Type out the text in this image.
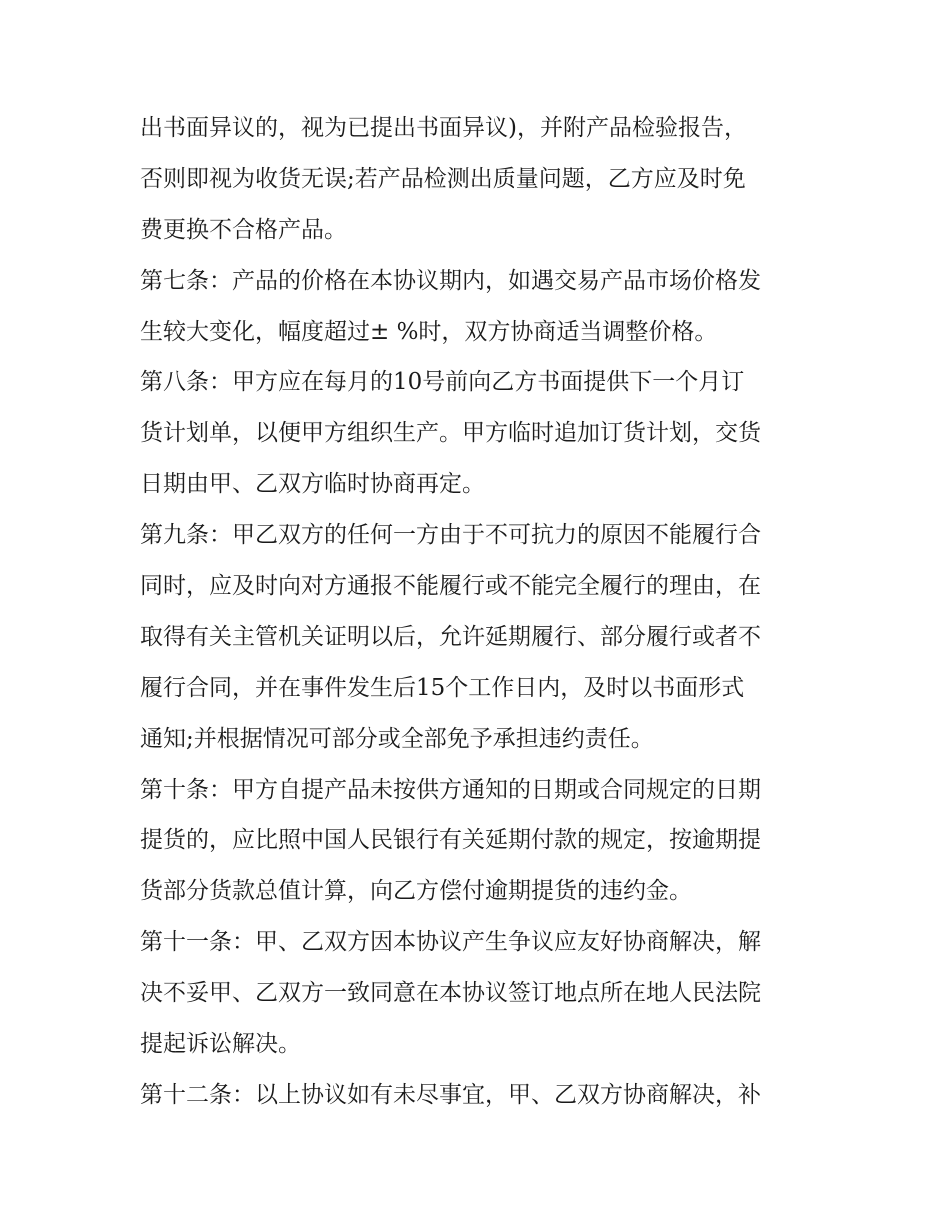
出书面异议的，视为已提出书面异议)，并附产品检验报告，
否则即视为收货无误;若产品检测出质量问题，乙方应及时免
费更换不合格产品。
第七条：产品的价格在本协议期内，如遇交易产品市场价格发
生较大变化，幅度超过± %时，双方协商适当调整价格。
第八条：甲方应在每月的10号前向乙方书面提供下一个月订
货计划单，以便甲方组织生产。甲方临时追加订货计划，交货
日期由甲、乙双方临时协商再定。
第九条：甲乙双方的任何一方由于不可抗力的原因不能履行合
同时，应及时向对方通报不能履行或不能完全履行的理由，在
取得有关主管机关证明以后，允许延期履行、部分履行或者不
履行合同，并在事件发生后15个工作日内，及时以书面形式
通知;并根据情况可部分或全部免予承担违约责任。
第十条：甲方自提产品未按供方通知的日期或合同规定的日期
提货的，应比照中国人民银行有关延期付款的规定，按逾期提
货部分货款总值计算，向乙方偿付逾期提货的违约金。
第十一条：甲、乙双方因本协议产生争议应友好协商解决，解
决不妥甲、乙双方一致同意在本协议签订地点所在地人民法院
提起诉讼解决。
第十二条：以上协议如有未尽事宜，甲、乙双方协商解决，补
